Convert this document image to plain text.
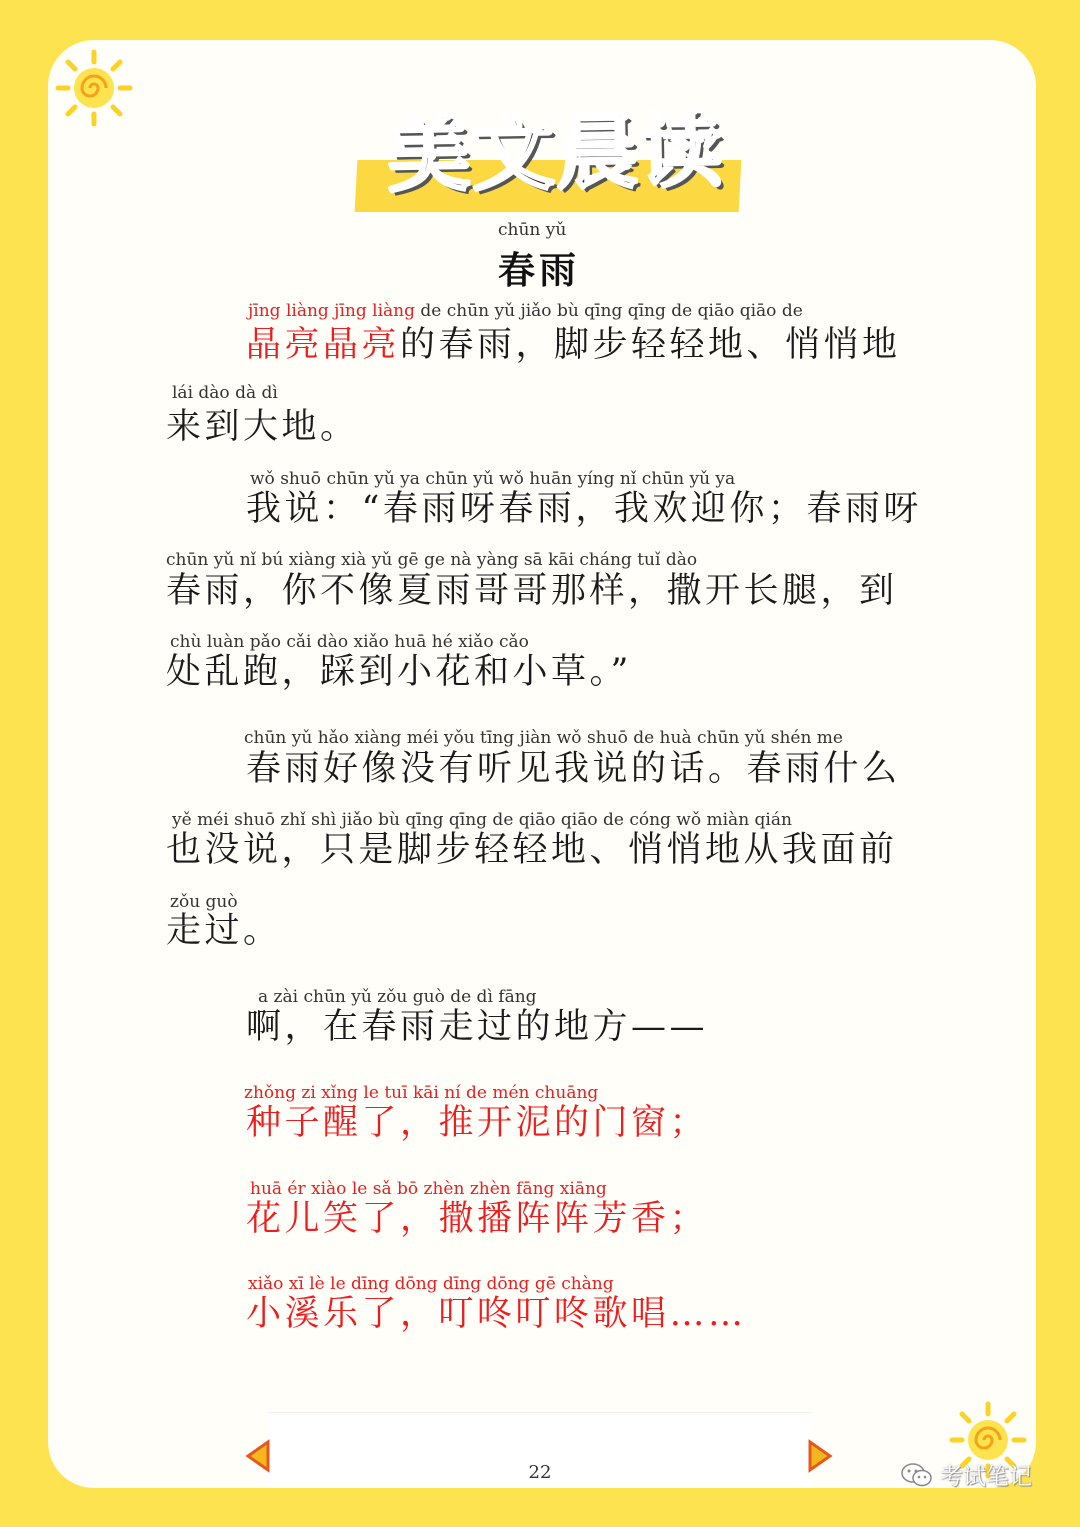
美文晨读
chūn yǔ
春雨
jīng liàng jīng liàng de chūn yǔ jiǎo bù qīng qīng de qiāo qiāo de
晶亮晶亮的春雨，脚步轻轻地、悄悄地
lái dào dà dì
来到大地。
wǒ shuō chūn yǔ ya chūn yǔ wǒ huān yíng nǐ chūn yǔ ya
我说：“春雨呀春雨，我欢迎你；春雨呀
chūn yǔ nǐ bú xiàng xià yǔ gē ge nà yàng sā kāi cháng tuǐ dào
春雨，你不像夏雨哥哥那样，撒开长腿，到
chù luàn pǎo cǎi dào xiǎo huā hé xiǎo cǎo
处乱跑，踩到小花和小草。”
chūn yǔ hǎo xiàng méi yǒu tīng jiàn wǒ shuō de huà chūn yǔ shén me
春雨好像没有听见我说的话。春雨什么
yě méi shuō zhǐ shì jiǎo bù qīng qīng de qiāo qiāo de cóng wǒ miàn qián
也没说，只是脚步轻轻地、悄悄地从我面前
zǒu guò
走过。
a zài chūn yǔ zǒu guò de dì fāng
啊，在春雨走过的地方——
zhǒng zi xǐng le tuī kāi ní de mén chuāng
种子醒了，推开泥的门窗；
huā ér xiào le sǎ bō zhèn zhèn fāng xiāng
花儿笑了，撒播阵阵芳香；
xiǎo xī lè le dīng dōng dīng dōng gē chàng
小溪乐了，叮咚叮咚歌唱……
22	考试笔记
